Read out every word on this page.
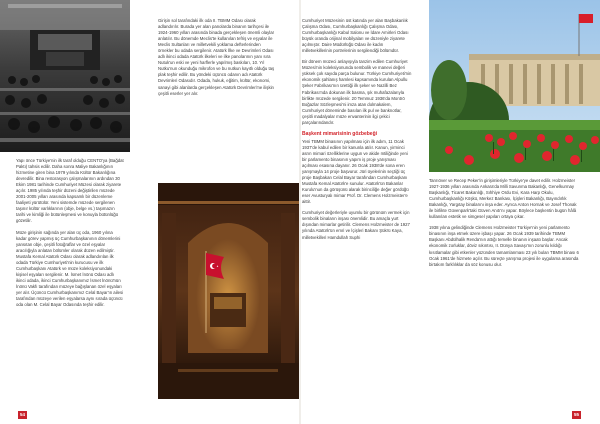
Yapı önce Türkiye'nin ilk taraf olduğu CENTO'ya (Bağdat Paktı) tahsis edilir. Daha sonra Maliye Bakanlığının hizmetine giren bina 1979 yılında Kültür Bakanlığına devredilir. Bina restorasyon çalışmalarının ardından 30 Ekim 1981 tarihinde Cumhuriyet Müzesi olarak ziyarete açılır. 1985 yılında teşhir düzeni değiştirilen müzede 2001-2005 yılları arasında kapsamlı bir düzenleme faaliyeti yürütülür. Yeni sistemde müzede sergilenen taşınır kültür varlıklarının (obje, belge vs.) taşımazın tarihi ve kimliği ile bütünleşmesi ve konuyla bütünlüğü gözetilir.

Müze girişinin sağında yer alan üç oda, 1960 yılına kadar görev yapmış üç Cumhurbaşkanının dönemlerini yansıtan obje, çeşitli fotoğraflar ve özel eşyalar aracılığıyla anlatan bölümler olarak düzen edilmiştir. Mustafa Kemal Atatürk Odası olarak adlandırılan ilk odada Türkiye Cumhuriyeti'nin kurucusu ve ilk Cumhurbaşkanı Atatürk ve müze koleksiyonundaki kişisel eşyaları sergilenir. M. İsmet İnönü Odası adlı ikinci odada, ikinci Cumhurbaşkanımız İsmet İnönü'nün İnönü Vakfı tarafından müzeye bağışlanan özel eşyaları yer alır. Üçüncü Cumhurbaşkanımız Celal Bayar'ın ailesi tarafından müzeye verilen eşyalarsa aynı sırada üçüncü oda olan M. Celal Bayar Odasında teşhir edilir.

Girişin sol tarafındaki ilk oda II. TBMM Odası olarak adlandırılır. Burada yer alan panolarda binanın tarihçesi ile 1924-1960 yılları arasında binada gerçekleşen önemli olaylar anlatılır. Bu dönemde Meclis'te kullanılan tefriş ve eşyalar ile Meclis Sultanları ve milletvekili yoklama defterlerinden örnekler bu odada sergilenir. Atatürk İlke ve Devrimleri Odası adlı ikinci odada Atatürk ilkeleri ve ilke panolarının yanı sıra Nutuk'un eski ve yeni harflerle yapılmış baskıları, 10. Yıl Nutku'nun okunduğu mikrofon ve bu nutkun kayıtlı olduğu taş plak teşhir edilir. Bu yöndeki üçüncü odanın adı Atatürk Devrimleri Odasıdır. Odada, hukuk, eğitim, kültür, ekonomi, sanayi gibi alanlarda gerçekleşen Atatürk Devrimleri'ne ilişkin çeşitli eserler yer alır.

54

Cumhuriyet Müzesinin üst katında yer alan Başbakanlık Çalışma Odası, Cumhurbaşkanlığı Çalışma Odası, Cumhurbaşkanlığı Kabul Salonu ve İdare Amirleri Odası büyük oranda orijinal mobilyaları ve düzeniyle ziyarete açılmıştır. Daire Müdürlüğü Odası ile kadın milletvekillerinin portrelerinin sergilendiği bölümdür.

Bir dönem müzeci anlayışıyla tanzim edilen Cumhuriyet Müzesi'nin koleksiyonunda sembolik ve manevi değeri yüksek çok sayıda parça bulunur. Türkiye Cumhuriyeti'nin ekonomik şahlanış hamlesi kapsamında kurulan Alpullu Şeker Fabrikası'nın ürettiği ilk şeker ve Nazilli Bez Fabrikası'nda dokunan ilk basma, şık muhafazalarıyla birlikte müzede sergilenir. 20 Temmuz 1936'da Montrö Boğazlar Sözleşmesi'ni imza atan dolmakalem, Cumhuriyet döneminde basılan ilk pul ve banknotlar, çeşitli madalyalar müze envanterinin ilgi çekici parçalarındandır.

Başkent mimarisinin gözbebeği

Yeni TBMM binasının yapılması için ilk adım, 11 Ocak 1937'de kabul edilen bir kanunla atılır. Kanun, yirminci asrın mimari özelliklerine uygun ve akide mtiliğinde yeni bir parlamento binasının yapım iş proje yarışması açılması esasına dayanır. 26 Ocak 1938'de sona eren yarışmayla 14 proje başvurur. Jüri üyelerinin seçtiği üç proje Başbakan Celal Bayar tarafından Cumhurbaşkanı Mustafa Kemal Atatürk'e sunulur. Atatürk'ün Bakanlar Kurulu'nun da görüşünü alarak birinciliğe değer gördüğü eser Avusturyalı mimar Prof. Dr. Clemens Holzmeister'e aittir.

Cumhuriyet değerleriyle uyumlu bir görünüm vermek için sembolik binaların inşası önemlidir. Bu amaçla yurt dışından mimarlar getirilir. Clemens Holzmeister de 1927 yılında Atatürk'ün emri ve İçişleri Bakanı Şükrü Kaya, milletvekilleri Hamdullah Suphi

Tanrıöver ve Recep Peker'in girişimleriyle Türkiye'ye davet edilir. Holzmeister 1927-1936 yılları arasında Ankara'da Milli Savunma Bakanlığı, Genelkurmay Başkanlığı, Ticaret Bakanlığı, Sıhhiye Ordu Evi, Kara Harp Okulu, Cumhurbaşkanlığı Köşkü, Merkez Bankası, İçişleri Bakanlığı, Bayındırlık Bakanlığı, Yargıtay binalarını inşa eder. Ayrıca Anton Hornak ve Josef Thonak ile birlikte Güvenpark'taki Güven Anıtı'nı yapar. Böylece başkentin bugün hâlâ kullanılan estetik ve simgesel yapıları ortaya çıkar.

1938 yılına gelindiğinde Clemens Holzmeister Türkiye'nin yeni parlamento binasının inşa etmek üzere işbaşı yapar. 26 Ocak 1939 tarihinde TBMM Başkanı Abdülhalik Renda'nın attığı temelle binanın inşaatı başlar. Ancak ekonomik zorluklar, döviz sıkıntısı, II. Dünya Savaşı'nın zorunlu kıldığı kısıtlamalar gibi etkenler yüzünden tamamlanması 23 yılı bulan TBMM binası 6 Ocak 1961'de hizmete açılır. Bu süreçte yarışma projesi ile uygulama arasında birtakım farklılıklar da söz konusu olur.

55
